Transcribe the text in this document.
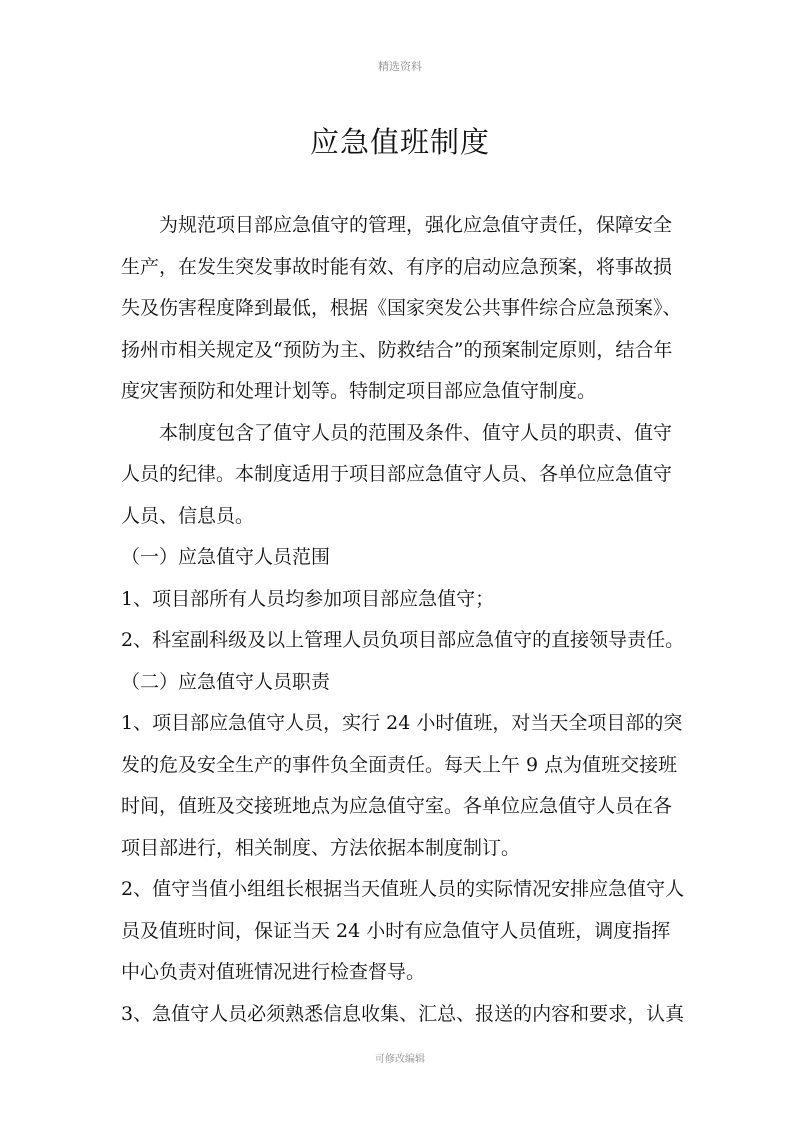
精选资料
应急值班制度

为规范项目部应急值守的管理，强化应急值守责任，保障安全生产，在发生突发事故时能有效、有序的启动应急预案，将事故损失及伤害程度降到最低，根据《国家突发公共事件综合应急预案》、扬州市相关规定及“预防为主、防救结合”的预案制定原则，结合年度灾害预防和处理计划等。特制定项目部应急值守制度。

本制度包含了值守人员的范围及条件、值守人员的职责、值守人员的纪律。本制度适用于项目部应急值守人员、各单位应急值守人员、信息员。

（一）应急值守人员范围

1、项目部所有人员均参加项目部应急值守；

2、科室副科级及以上管理人员负项目部应急值守的直接领导责任。

（二）应急值守人员职责

1、项目部应急值守人员，实行 24 小时值班，对当天全项目部的突发的危及安全生产的事件负全面责任。每天上午 9 点为值班交接班时间，值班及交接班地点为应急值守室。各单位应急值守人员在各项目部进行，相关制度、方法依据本制度制订。

2、值守当值小组组长根据当天值班人员的实际情况安排应急值守人员及值班时间，保证当天 24 小时有应急值守人员值班，调度指挥中心负责对值班情况进行检查督导。

3、急值守人员必须熟悉信息收集、汇总、报送的内容和要求，认真

可修改编辑
